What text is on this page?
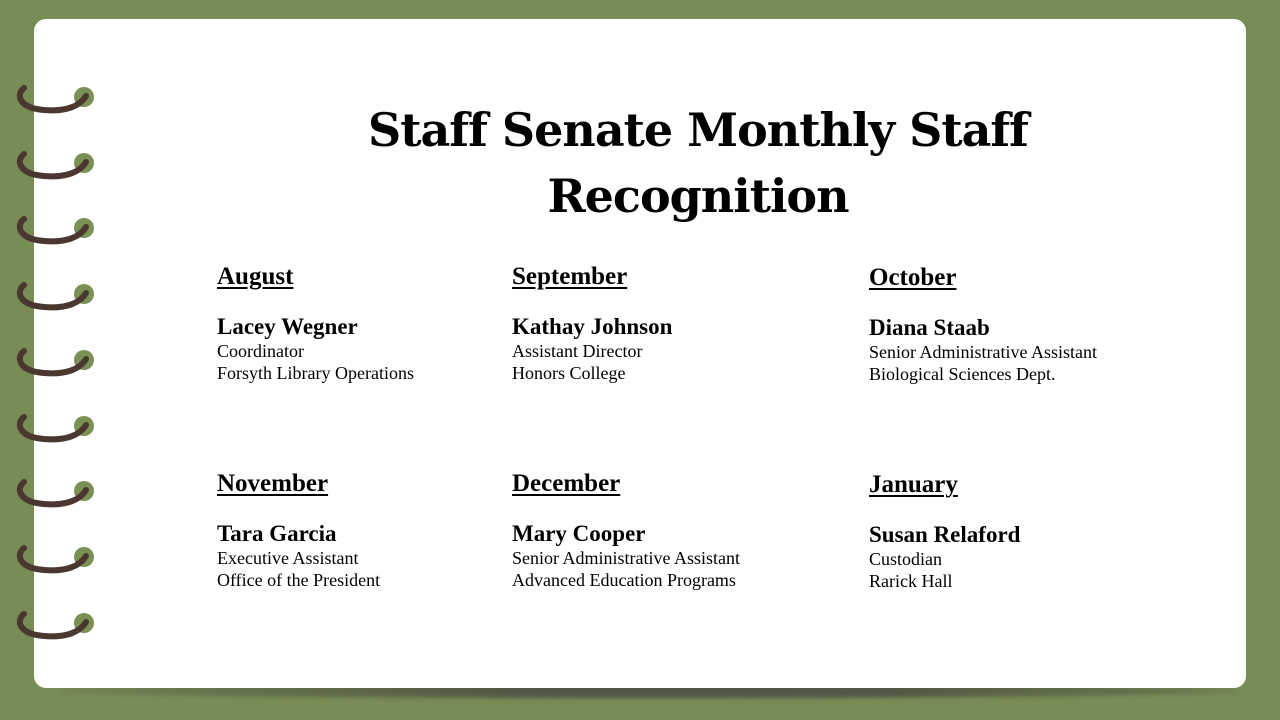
Staff Senate Monthly Staff Recognition
August
Lacey Wegner
Coordinator
Forsyth Library Operations
September
Kathay Johnson
Assistant Director
Honors College
October
Diana Staab
Senior Administrative Assistant
Biological Sciences Dept.
November
Tara Garcia
Executive Assistant
Office of the President
December
Mary Cooper
Senior Administrative Assistant
Advanced Education Programs
January
Susan Relaford
Custodian
Rarick Hall
